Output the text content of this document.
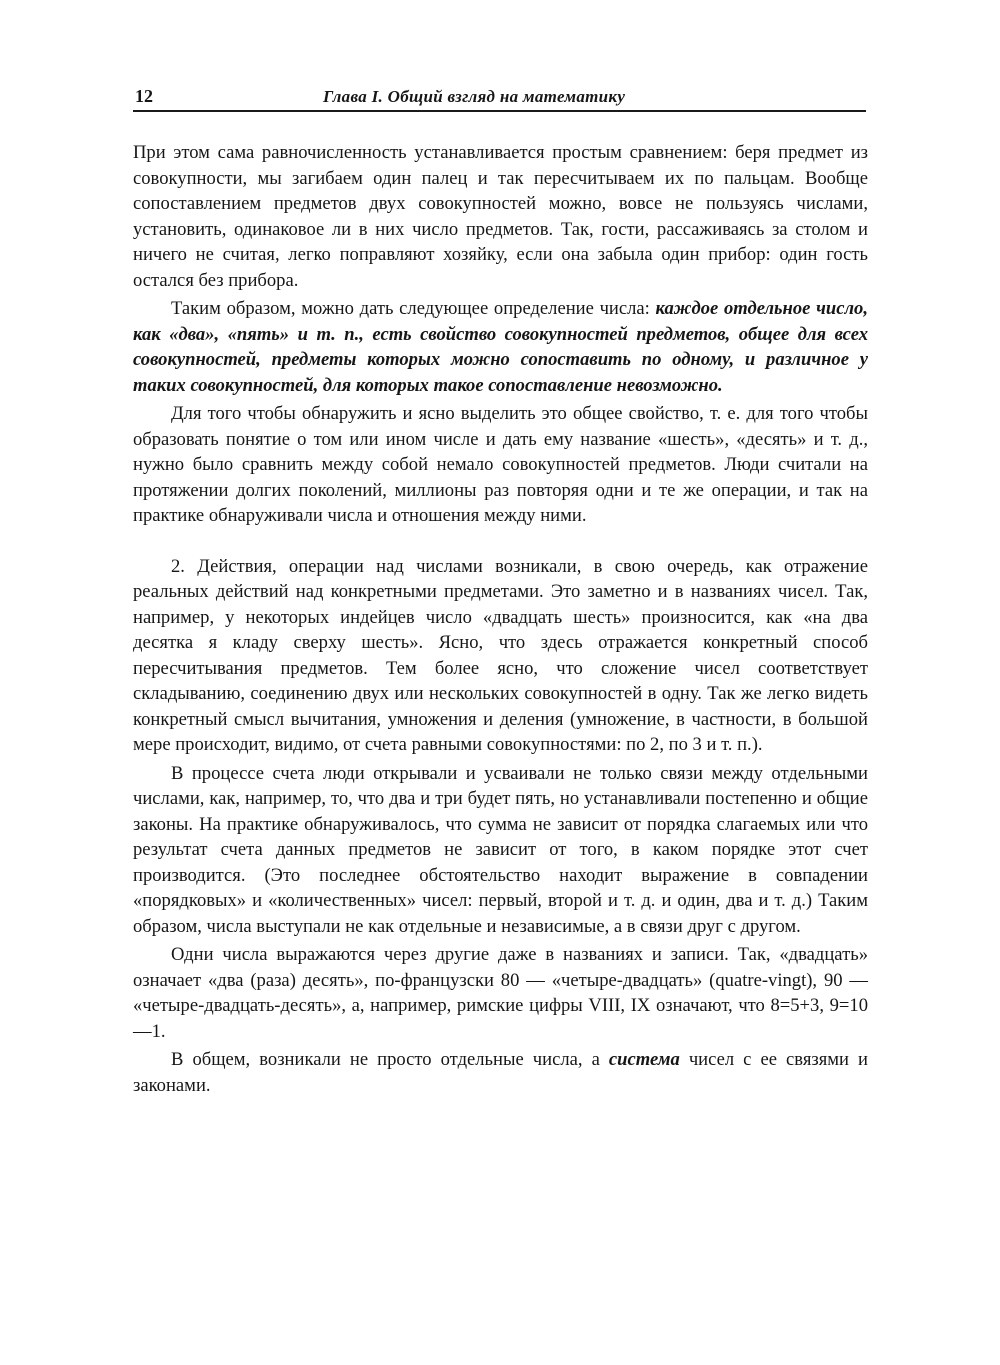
12	Глава I. Общий взгляд на математику

При этом сама равночисленность устанавливается простым сравнением: беря предмет из совокупности, мы загибаем один палец и так пересчитываем их по пальцам. Вообще сопоставлением предметов двух совокупностей можно, вовсе не пользуясь числами, установить, одинаковое ли в них число предметов. Так, гости, рассаживаясь за столом и ничего не считая, легко поправляют хозяйку, если она забыла один прибор: один гость остался без прибора.

Таким образом, можно дать следующее определение числа: каждое отдельное число, как «два», «пять» и т. п., есть свойство совокупностей предметов, общее для всех совокупностей, предметы которых можно сопоставить по одному, и различное у таких совокупностей, для которых такое сопоставление невозможно.

Для того чтобы обнаружить и ясно выделить это общее свойство, т. е. для того чтобы образовать понятие о том или ином числе и дать ему название «шесть», «десять» и т. д., нужно было сравнить между собой немало совокупностей предметов. Люди считали на протяжении долгих поколений, миллионы раз повторяя одни и те же операции, и так на практике обнаруживали числа и отношения между ними.

2. Действия, операции над числами возникали, в свою очередь, как отражение реальных действий над конкретными предметами. Это заметно и в названиях чисел. Так, например, у некоторых индейцев число «двадцать шесть» произносится, как «на два десятка я кладу сверху шесть». Ясно, что здесь отражается конкретный способ пересчитывания предметов. Тем более ясно, что сложение чисел соответствует складыванию, соединению двух или нескольких совокупностей в одну. Так же легко видеть конкретный смысл вычитания, умножения и деления (умножение, в частности, в большой мере происходит, видимо, от счета равными совокупностями: по 2, по 3 и т. п.).

В процессе счета люди открывали и усваивали не только связи между отдельными числами, как, например, то, что два и три будет пять, но устанавливали постепенно и общие законы. На практике обнаруживалось, что сумма не зависит от порядка слагаемых или что результат счета данных предметов не зависит от того, в каком порядке этот счет производится. (Это последнее обстоятельство находит выражение в совпадении «порядковых» и «количественных» чисел: первый, второй и т. д. и один, два и т. д.) Таким образом, числа выступали не как отдельные и независимые, а в связи друг с другом.

Одни числа выражаются через другие даже в названиях и записи. Так, «двадцать» означает «два (раза) десять», по-французски 80 — «четыре-двадцать» (quatre-vingt), 90 — «четыре-двадцать-десять», а, например, римские цифры VIII, IX означают, что 8=5+3, 9=10—1.

В общем, возникали не просто отдельные числа, а система чисел с ее связями и законами.
